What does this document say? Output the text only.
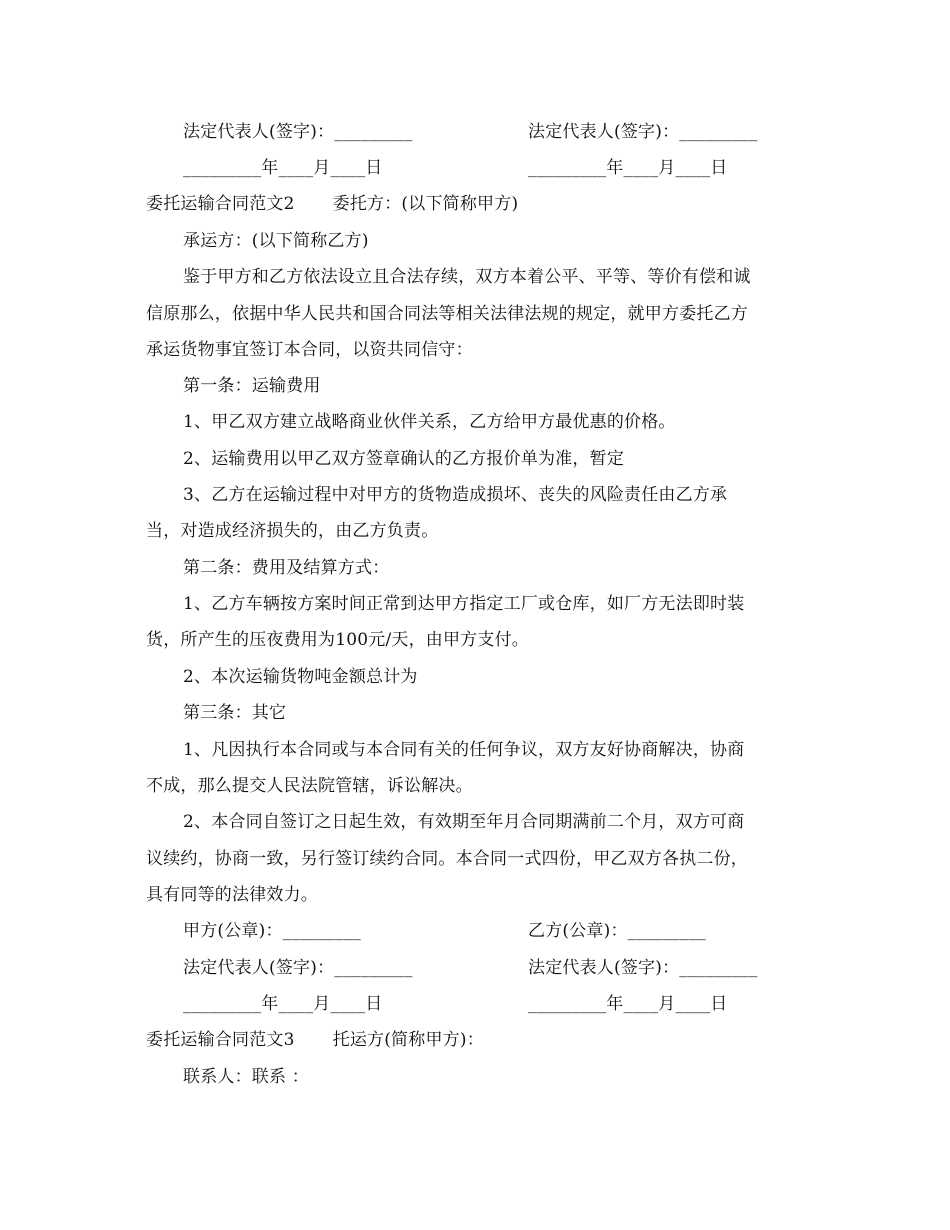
法定代表人(签字)：_________	法定代表人(签字)：_________
_________年____月____日	_________年____月____日
委托运输合同范文2 委托方：(以下简称甲方)
承运方：(以下简称乙方)
鉴于甲方和乙方依法设立且合法存续，双方本着公平、平等、等价有偿和诚
信原那么，依据中华人民共和国合同法等相关法律法规的规定，就甲方委托乙方
承运货物事宜签订本合同，以资共同信守：
第一条：运输费用
1、甲乙双方建立战略商业伙伴关系，乙方给甲方最优惠的价格。
2、运输费用以甲乙双方签章确认的乙方报价单为准，暂定
3、乙方在运输过程中对甲方的货物造成损坏、丧失的风险责任由乙方承
当，对造成经济损失的，由乙方负责。
第二条：费用及结算方式：
1、乙方车辆按方案时间正常到达甲方指定工厂或仓库，如厂方无法即时装
货，所产生的压夜费用为100元/天，由甲方支付。
2、本次运输货物吨金额总计为
第三条：其它
1、凡因执行本合同或与本合同有关的任何争议，双方友好协商解决，协商
不成，那么提交人民法院管辖，诉讼解决。
2、本合同自签订之日起生效，有效期至年月合同期满前二个月，双方可商
议续约，协商一致，另行签订续约合同。本合同一式四份，甲乙双方各执二份，
具有同等的法律效力。
甲方(公章)：_________	乙方(公章)：_________
法定代表人(签字)：_________	法定代表人(签字)：_________
_________年____月____日	_________年____月____日
委托运输合同范文3 托运方(简称甲方)：
联系人：联系 ：
